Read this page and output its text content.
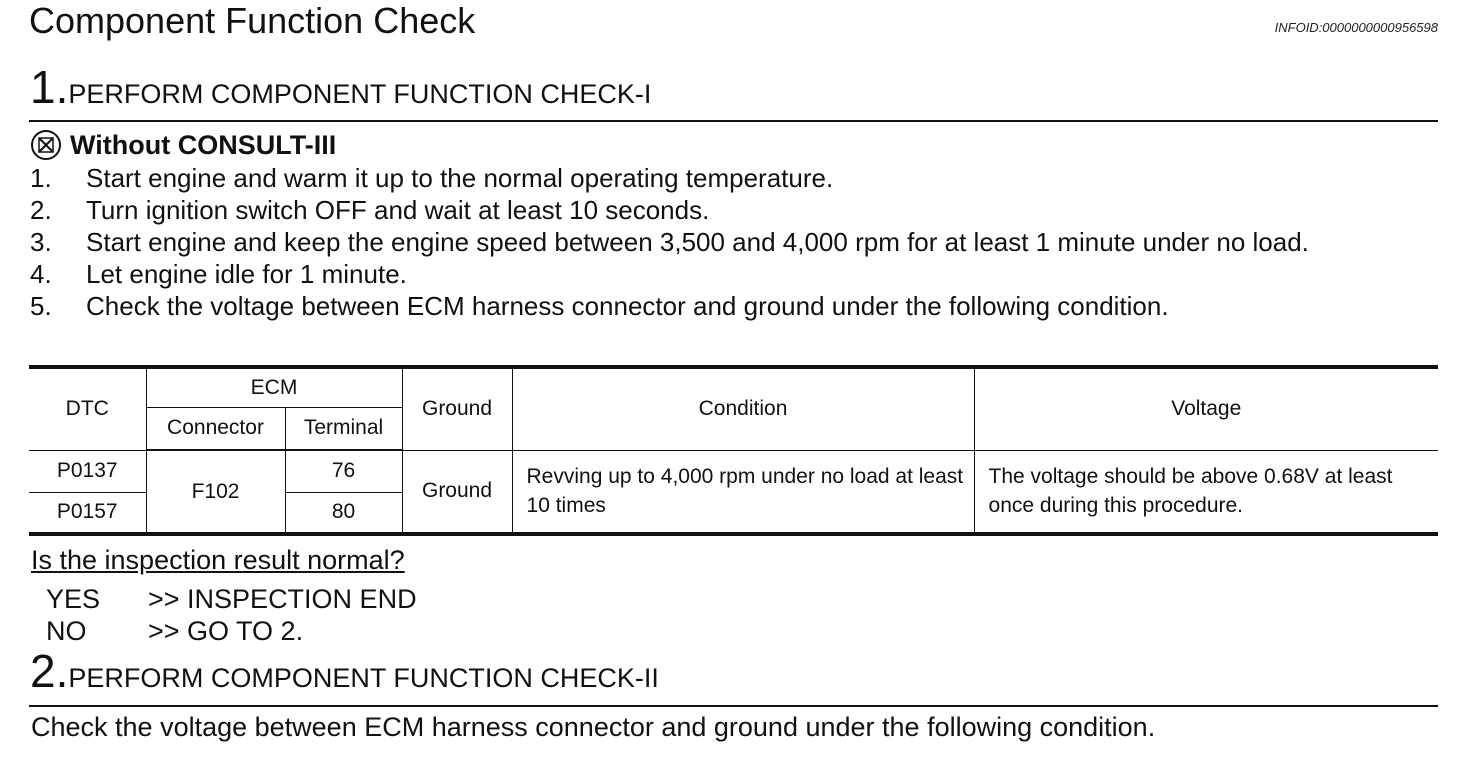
Component Function Check	INFOID:0000000000956598
1.PERFORM COMPONENT FUNCTION CHECK-I
Without CONSULT-III
1. Start engine and warm it up to the normal operating temperature.
2. Turn ignition switch OFF and wait at least 10 seconds.
3. Start engine and keep the engine speed between 3,500 and 4,000 rpm for at least 1 minute under no load.
4. Let engine idle for 1 minute.
5. Check the voltage between ECM harness connector and ground under the following condition.
DTC	ECM		Ground	Condition	Voltage
	Connector	Terminal			
P0137	F102	76	Ground	Revving up to 4,000 rpm under no load at least 10 times	The voltage should be above 0.68V at least once during this procedure.
P0157		80			
Is the inspection result normal?
YES >> INSPECTION END
NO >> GO TO 2.
2.PERFORM COMPONENT FUNCTION CHECK-II
Check the voltage between ECM harness connector and ground under the following condition.
